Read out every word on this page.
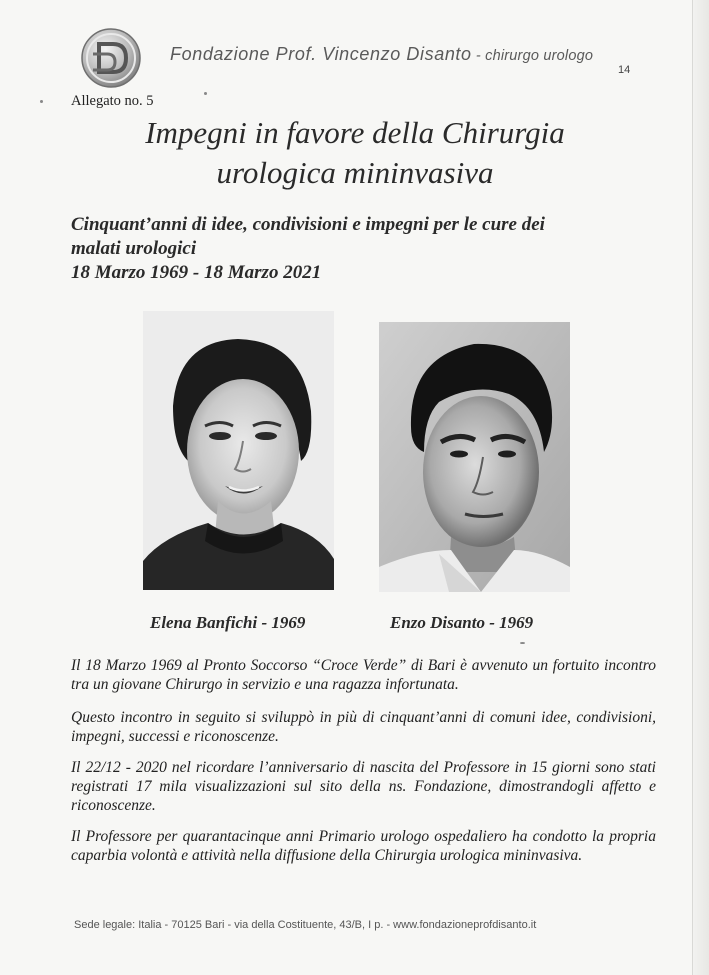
Fondazione Prof. Vincenzo Disanto - chirurgo urologo
14
Allegato no. 5
Impegni in favore della Chirurgia
urologica mininvasiva
Cinquant’anni di idee, condivisioni e impegni per le cure dei
malati urologici
18 Marzo 1969 - 18 Marzo 2021
Elena Banfichi - 1969	Enzo Disanto - 1969
Il 18 Marzo 1969 al Pronto Soccorso “Croce Verde” di Bari è avvenuto un fortuito incontro tra un giovane Chirurgo in servizio e una ragazza infortunata.
Questo incontro in seguito si sviluppò in più di cinquant’anni di comuni idee, condivisioni, impegni, successi e riconoscenze.
Il 22/12 - 2020 nel ricordare l’anniversario di nascita del Professore in 15 giorni sono stati registrati 17 mila visualizzazioni sul sito della ns. Fondazione, dimostrandogli affetto e riconoscenze.
Il Professore per quarantacinque anni Primario urologo ospedaliero ha condotto la propria caparbia volontà e attività nella diffusione della Chirurgia urologica mininvasiva.
Sede legale: Italia - 70125 Bari - via della Costituente, 43/B, I p. - www.fondazioneprofdisanto.it
